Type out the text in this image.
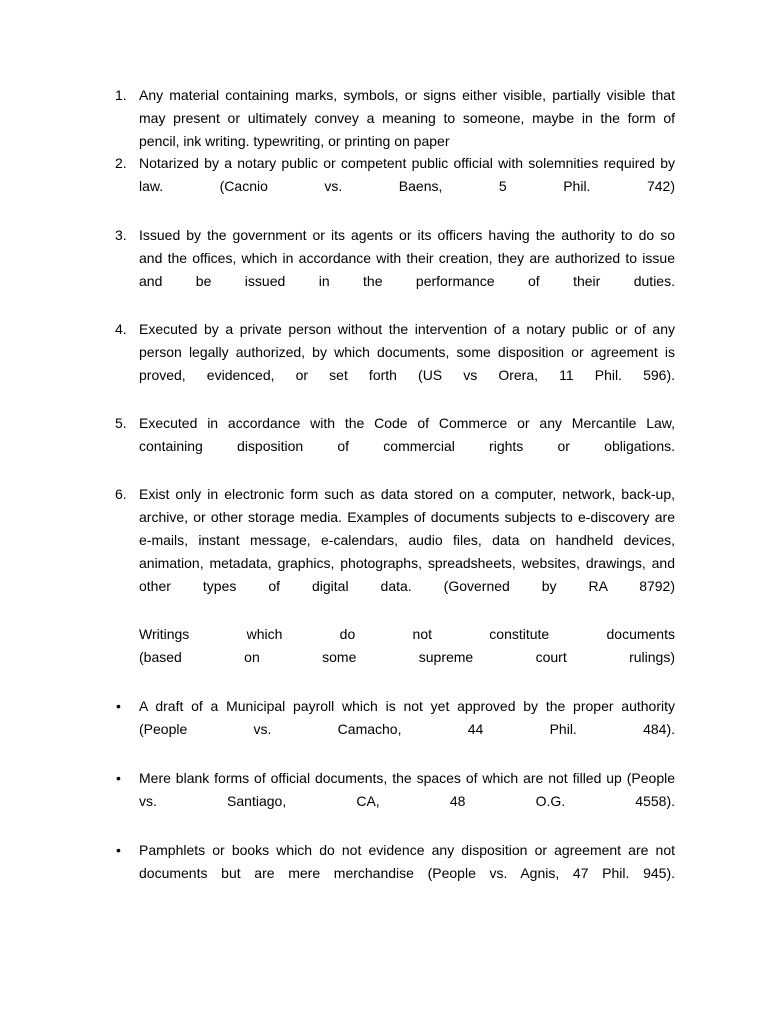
1. Any material containing marks, symbols, or signs either visible, partially visible that
may present or ultimately convey a meaning to someone, maybe in the form of
pencil, ink writing. typewriting, or printing on paper
2. Notarized by a notary public or competent public official with solemnities required by
law. (Cacnio vs. Baens, 5 Phil. 742)
3. Issued by the government or its agents or its officers having the authority to do so
and the offices, which in accordance with their creation, they are authorized to issue
and be issued in the performance of their duties.
4. Executed by a private person without the intervention of a notary public or of any
person legally authorized, by which documents, some disposition or agreement is
proved, evidenced, or set forth (US vs Orera, 11 Phil. 596).
5. Executed in accordance with the Code of Commerce or any Mercantile Law,
containing disposition of commercial rights or obligations.
6. Exist only in electronic form such as data stored on a computer, network, back-up,
archive, or other storage media. Examples of documents subjects to e-discovery are
e-mails, instant message, e-calendars, audio files, data on handheld devices,
animation, metadata, graphics, photographs, spreadsheets, websites, drawings, and
other types of digital data. (Governed by RA 8792)
Writings which do not constitute documents
(based on some supreme court rulings)
•	A draft of a Municipal payroll which is not yet approved by the proper authority
(People vs. Camacho, 44 Phil. 484).
•	Mere blank forms of official documents, the spaces of which are not filled up (People
vs. Santiago, CA, 48 O.G. 4558).
•	Pamphlets or books which do not evidence any disposition or agreement are not
documents but are mere merchandise (People vs. Agnis, 47 Phil. 945).
